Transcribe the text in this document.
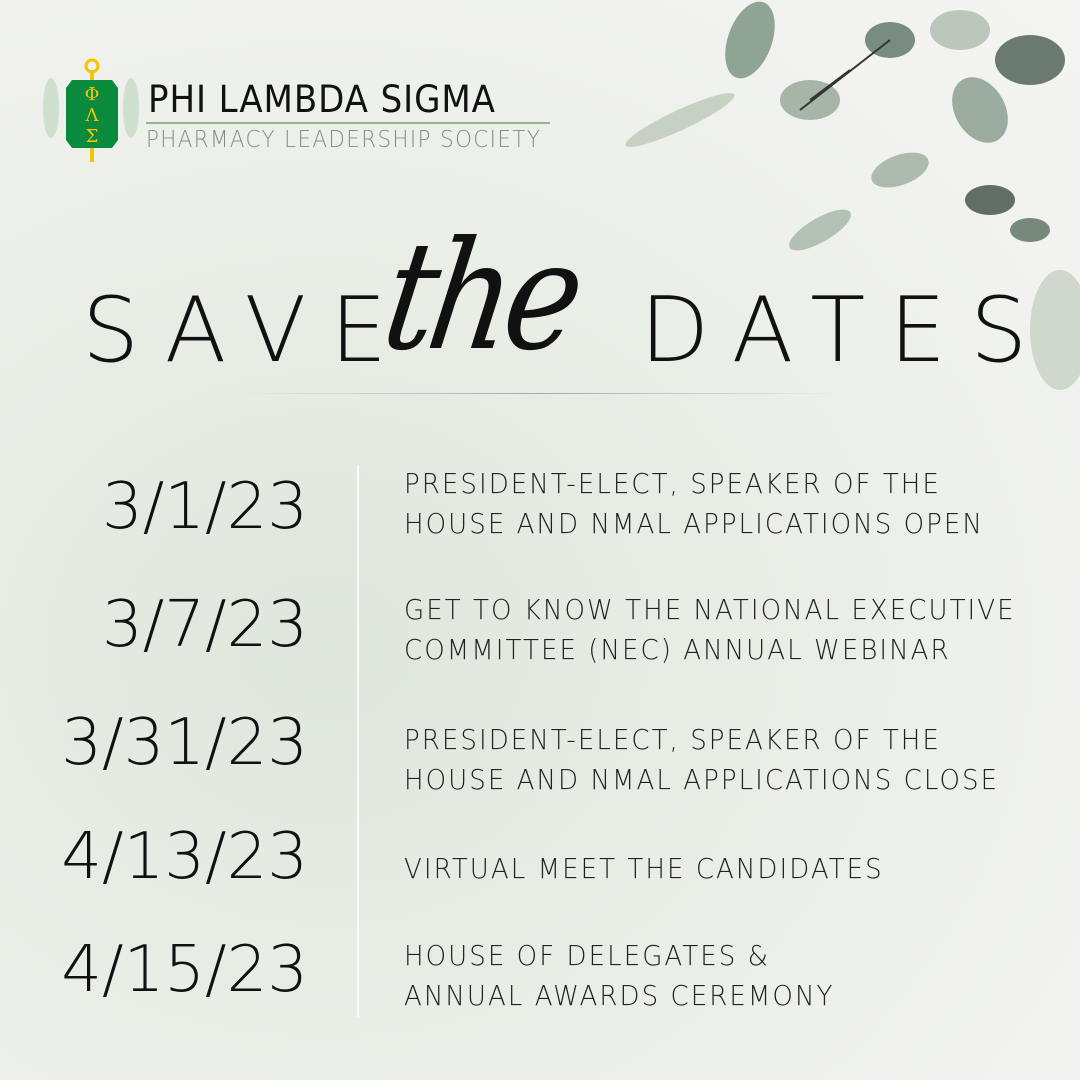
Φ
Λ
Σ
PHI LAMBDA SIGMA
PHARMACY LEADERSHIP SOCIETY
SAVE
the DATES
3/1/23	PRESIDENT-ELECT, SPEAKER OF THE
HOUSE AND NMAL APPLICATIONS OPEN
3/7/23	GET TO KNOW THE NATIONAL EXECUTIVE
COMMITTEE (NEC) ANNUAL WEBINAR
3/31/23	PRESIDENT-ELECT, SPEAKER OF THE
HOUSE AND NMAL APPLICATIONS CLOSE
4/13/23	VIRTUAL MEET THE CANDIDATES
4/15/23	HOUSE OF DELEGATES &
ANNUAL AWARDS CEREMONY
